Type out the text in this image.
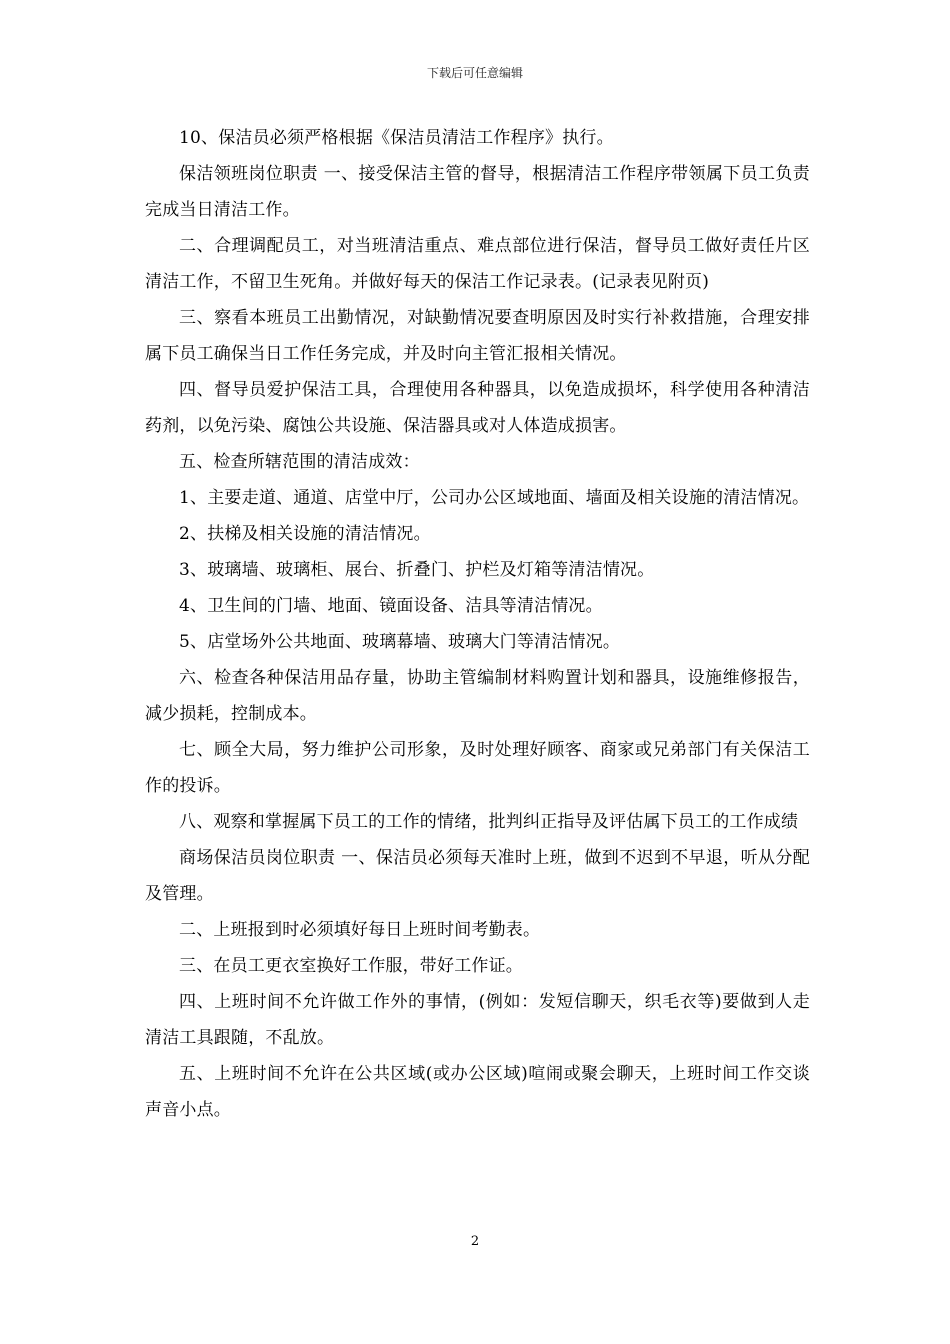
下载后可任意编辑

10、保洁员必须严格根据《保洁员清洁工作程序》执行。

保洁领班岗位职责 一、接受保洁主管的督导，根据清洁工作程序带领属下员工负责完成当日清洁工作。

二、合理调配员工，对当班清洁重点、难点部位进行保洁，督导员工做好责任片区清洁工作，不留卫生死角。并做好每天的保洁工作记录表。(记录表见附页)

三、察看本班员工出勤情况，对缺勤情况要查明原因及时实行补救措施，合理安排属下员工确保当日工作任务完成，并及时向主管汇报相关情况。

四、督导员爱护保洁工具，合理使用各种器具，以免造成损坏，科学使用各种清洁药剂，以免污染、腐蚀公共设施、保洁器具或对人体造成损害。

五、检查所辖范围的清洁成效：

1、主要走道、通道、店堂中厅，公司办公区域地面、墙面及相关设施的清洁情况。

2、扶梯及相关设施的清洁情况。

3、玻璃墙、玻璃柜、展台、折叠门、护栏及灯箱等清洁情况。

4、卫生间的门墙、地面、镜面设备、洁具等清洁情况。

5、店堂场外公共地面、玻璃幕墙、玻璃大门等清洁情况。

六、检查各种保洁用品存量，协助主管编制材料购置计划和器具，设施维修报告，减少损耗，控制成本。

七、顾全大局，努力维护公司形象，及时处理好顾客、商家或兄弟部门有关保洁工作的投诉。

八、观察和掌握属下员工的工作的情绪，批判纠正指导及评估属下员工的工作成绩

商场保洁员岗位职责 一、保洁员必须每天准时上班，做到不迟到不早退，听从分配及管理。

二、上班报到时必须填好每日上班时间考勤表。

三、在员工更衣室换好工作服，带好工作证。

四、上班时间不允许做工作外的事情，(例如：发短信聊天，织毛衣等)要做到人走清洁工具跟随，不乱放。

五、上班时间不允许在公共区域(或办公区域)喧闹或聚会聊天，上班时间工作交谈声音小点。

2
